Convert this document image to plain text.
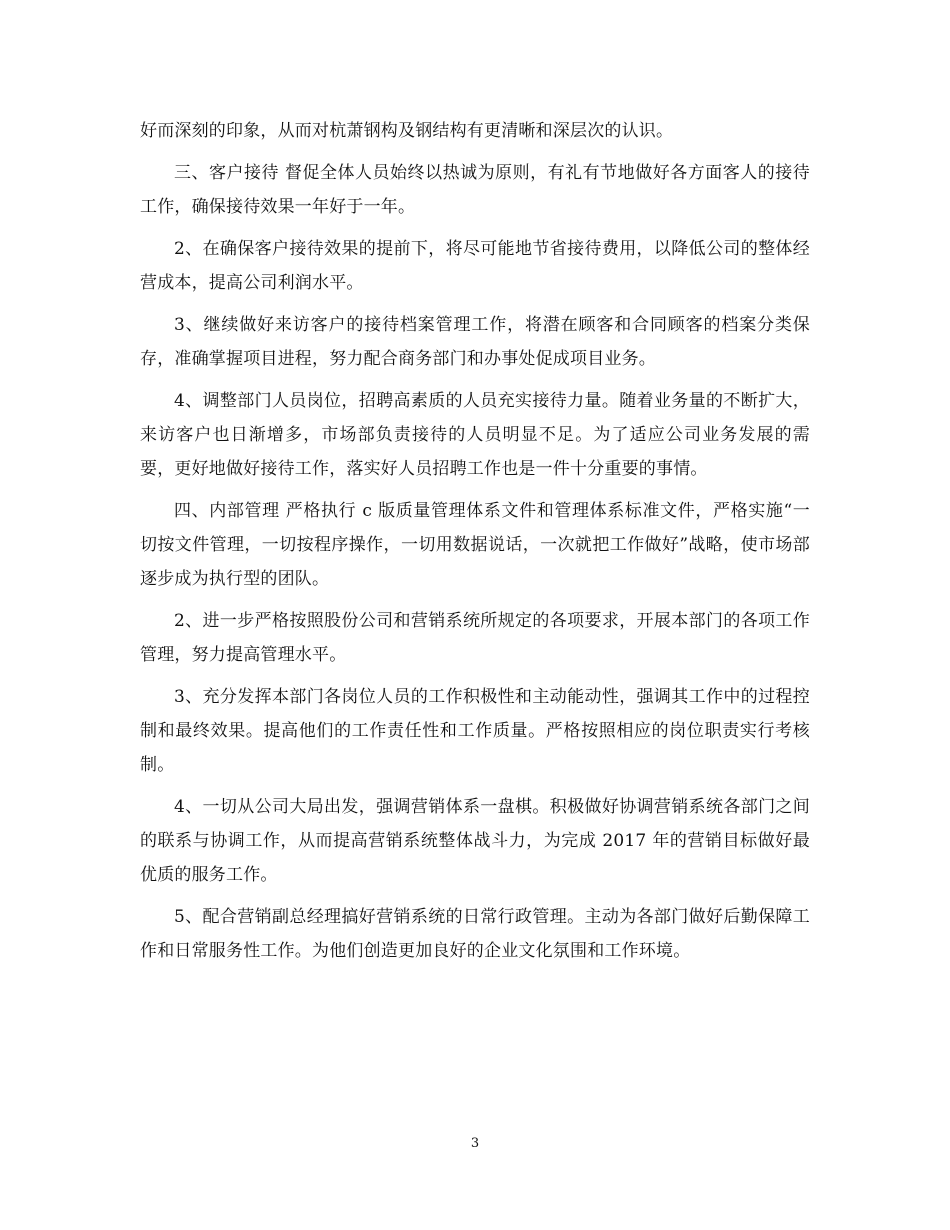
好而深刻的印象，从而对杭萧钢构及钢结构有更清晰和深层次的认识。

三、客户接待 督促全体人员始终以热诚为原则，有礼有节地做好各方面客人的接待工作，确保接待效果一年好于一年。

2、在确保客户接待效果的提前下，将尽可能地节省接待费用，以降低公司的整体经营成本，提高公司利润水平。

3、继续做好来访客户的接待档案管理工作，将潜在顾客和合同顾客的档案分类保存，准确掌握项目进程，努力配合商务部门和办事处促成项目业务。

4、调整部门人员岗位，招聘高素质的人员充实接待力量。随着业务量的不断扩大，来访客户也日渐增多，市场部负责接待的人员明显不足。为了适应公司业务发展的需要，更好地做好接待工作，落实好人员招聘工作也是一件十分重要的事情。

四、内部管理 严格执行 c 版质量管理体系文件和管理体系标准文件，严格实施“一切按文件管理，一切按程序操作，一切用数据说话，一次就把工作做好”战略，使市场部逐步成为执行型的团队。

2、进一步严格按照股份公司和营销系统所规定的各项要求，开展本部门的各项工作管理，努力提高管理水平。

3、充分发挥本部门各岗位人员的工作积极性和主动能动性，强调其工作中的过程控制和最终效果。提高他们的工作责任性和工作质量。严格按照相应的岗位职责实行考核制。

4、一切从公司大局出发，强调营销体系一盘棋。积极做好协调营销系统各部门之间的联系与协调工作，从而提高营销系统整体战斗力，为完成 2017 年的营销目标做好最优质的服务工作。

5、配合营销副总经理搞好营销系统的日常行政管理。主动为各部门做好后勤保障工作和日常服务性工作。为他们创造更加良好的企业文化氛围和工作环境。

3
